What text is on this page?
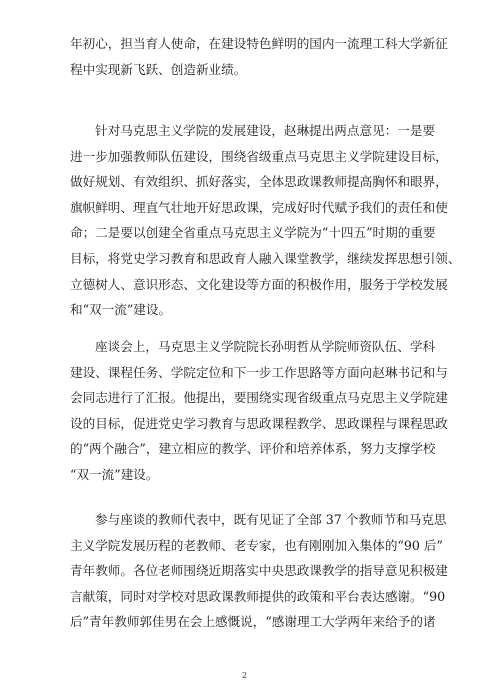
年初心，担当育人使命，在建设特色鲜明的国内一流理工科大学新征
程中实现新飞跃、创造新业绩。
针对马克思主义学院的发展建设，赵琳提出两点意见：一是要
进一步加强教师队伍建设，围绕省级重点马克思主义学院建设目标，
做好规划、有效组织、抓好落实，全体思政课教师提高胸怀和眼界，
旗帜鲜明、理直气壮地开好思政课，完成好时代赋予我们的责任和使
命；二是要以创建全省重点马克思主义学院为“十四五”时期的重要
目标，将党史学习教育和思政育人融入课堂教学，继续发挥思想引领、
立德树人、意识形态、文化建设等方面的积极作用，服务于学校发展
和“双一流”建设。
座谈会上，马克思主义学院院长孙明哲从学院师资队伍、学科
建设、课程任务、学院定位和下一步工作思路等方面向赵琳书记和与
会同志进行了汇报。他提出，要围绕实现省级重点马克思主义学院建
设的目标，促进党史学习教育与思政课程教学、思政课程与课程思政
的“两个融合”，建立相应的教学、评价和培养体系，努力支撑学校
“双一流”建设。
参与座谈的教师代表中，既有见证了全部 37 个教师节和马克思
主义学院发展历程的老教师、老专家，也有刚刚加入集体的“90 后”
青年教师。各位老师围绕近期落实中央思政课教学的指导意见积极建
言献策，同时对学校对思政课教师提供的政策和平台表达感谢。“90
后”青年教师郭佳男在会上感慨说，“感谢理工大学两年来给予的诸
2
